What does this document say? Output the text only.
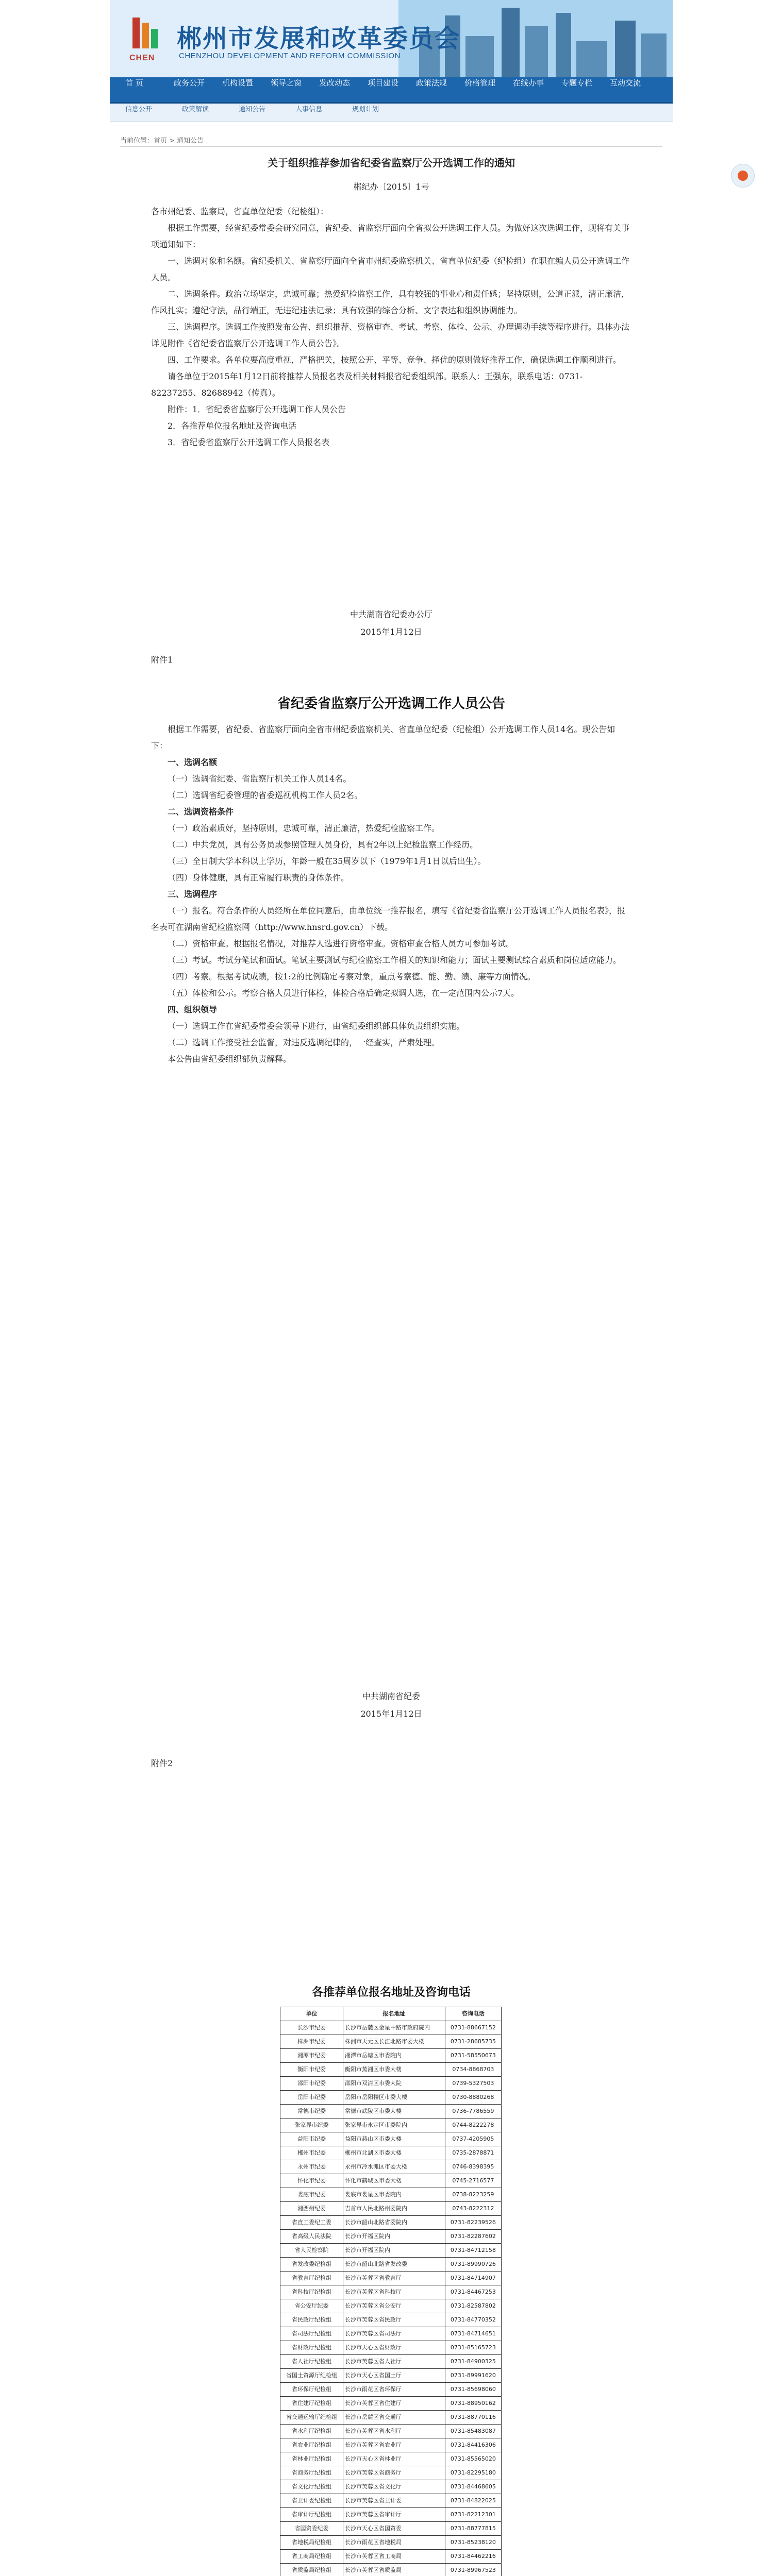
CHEN
郴州市发展和改革委员会
CHENZHOU DEVELOPMENT AND REFORM COMMISSION
首 页	政务公开 机构设置 领导之窗 发改动态 项目建设 政策法规 价格管理 在线办事 专题专栏 互动交流
信息公开	政策解读	通知公告	人事信息	规划计划
当前位置：首页 > 通知公告
关于组织推荐参加省纪委省监察厅公开选调工作的通知
郴纪办〔2015〕1号

各市州纪委、监察局，省直单位纪委（纪检组）：

根据工作需要，经省纪委常委会研究同意，省纪委、省监察厅面向全省拟公开选调工作人员。为做好这次选调工作，现将有关事项通知如下：

一、选调对象和名额。省纪委机关、省监察厅面向全省市州纪委监察机关、省直单位纪委（纪检组）在职在编人员公开选调工作人员。

二、选调条件。政治立场坚定，忠诚可靠；热爱纪检监察工作，具有较强的事业心和责任感；坚持原则，公道正派，清正廉洁，作风扎实；遵纪守法，品行端正，无违纪违法记录；具有较强的综合分析、文字表达和组织协调能力。

三、选调程序。选调工作按照发布公告、组织推荐、资格审查、考试、考察、体检、公示、办理调动手续等程序进行。具体办法详见附件《省纪委省监察厅公开选调工作人员公告》。

四、工作要求。各单位要高度重视，严格把关，按照公开、平等、竞争、择优的原则做好推荐工作，确保选调工作顺利进行。

请各单位于2015年1月12日前将推荐人员报名表及相关材料报省纪委组织部。联系人：王强东，联系电话：0731-82237255、82688942（传真）。

附件：1．省纪委省监察厅公开选调工作人员公告

2．各推荐单位报名地址及咨询电话

3．省纪委省监察厅公开选调工作人员报名表

中共湖南省纪委办公厅
2015年1月12日
附件1
省纪委省监察厅公开选调工作人员公告

根据工作需要，省纪委、省监察厅面向全省市州纪委监察机关、省直单位纪委（纪检组）公开选调工作人员14名。现公告如下：

一、选调名额

（一）选调省纪委、省监察厅机关工作人员14名。

（二）选调省纪委管理的省委巡视机构工作人员2名。

二、选调资格条件

（一）政治素质好，坚持原则，忠诚可靠，清正廉洁，热爱纪检监察工作。

（二）中共党员，具有公务员或参照管理人员身份，具有2年以上纪检监察工作经历。

（三）全日制大学本科以上学历，年龄一般在35周岁以下（1979年1月1日以后出生）。

（四）身体健康，具有正常履行职责的身体条件。

三、选调程序

（一）报名。符合条件的人员经所在单位同意后，由单位统一推荐报名，填写《省纪委省监察厅公开选调工作人员报名表》，报名表可在湖南省纪检监察网（http://www.hnsrd.gov.cn）下载。

（二）资格审查。根据报名情况，对推荐人选进行资格审查。资格审查合格人员方可参加考试。

（三）考试。考试分笔试和面试。笔试主要测试与纪检监察工作相关的知识和能力；面试主要测试综合素质和岗位适应能力。

（四）考察。根据考试成绩，按1:2的比例确定考察对象，重点考察德、能、勤、绩、廉等方面情况。

（五）体检和公示。考察合格人员进行体检，体检合格后确定拟调人选，在一定范围内公示7天。

四、组织领导

（一）选调工作在省纪委常委会领导下进行，由省纪委组织部具体负责组织实施。

（二）选调工作接受社会监督，对违反选调纪律的，一经查实，严肃处理。

本公告由省纪委组织部负责解释。

中共湖南省纪委
2015年1月12日
附件2
各推荐单位报名地址及咨询电话
单位	报名地址	咨询电话
长沙市纪委	长沙市岳麓区金星中路市政府院内	0731-88667152
株洲市纪委	株洲市天元区长江北路市委大楼	0731-28685735
湘潭市纪委	湘潭市岳塘区市委院内	0731-58550673
衡阳市纪委	衡阳市蒸湘区市委大楼	0734-8868703
邵阳市纪委	邵阳市双清区市委大院	0739-5327503
岳阳市纪委	岳阳市岳阳楼区市委大楼	0730-8880268
常德市纪委	常德市武陵区市委大楼	0736-7786559
张家界市纪委	张家界市永定区市委院内	0744-8222278
益阳市纪委	益阳市赫山区市委大楼	0737-4205905
郴州市纪委	郴州市北湖区市委大楼	0735-2878871
永州市纪委	永州市冷水滩区市委大楼	0746-8398395
怀化市纪委	怀化市鹤城区市委大楼	0745-2716577
娄底市纪委	娄底市娄星区市委院内	0738-8223259
湘西州纪委	吉首市人民北路州委院内	0743-8222312
省直工委纪工委	长沙市韶山北路省委院内	0731-82239526
省高级人民法院	长沙市开福区院内	0731-82287602
省人民检察院	长沙市开福区院内	0731-84712158
省发改委纪检组	长沙市韶山北路省发改委	0731-89990726
省教育厅纪检组	长沙市芙蓉区省教育厅	0731-84714907
省科技厅纪检组	长沙市芙蓉区省科技厅	0731-84467253
省公安厅纪委	长沙市芙蓉区省公安厅	0731-82587802
省民政厅纪检组	长沙市芙蓉区省民政厅	0731-84770352
省司法厅纪检组	长沙市芙蓉区省司法厅	0731-84714651
省财政厅纪检组	长沙市天心区省财政厅	0731-85165723
省人社厅纪检组	长沙市芙蓉区省人社厅	0731-84900325
省国土资源厅纪检组	长沙市天心区省国土厅	0731-89991620
省环保厅纪检组	长沙市雨花区省环保厅	0731-85698060
省住建厅纪检组	长沙市芙蓉区省住建厅	0731-88950162
省交通运输厅纪检组	长沙市岳麓区省交通厅	0731-88770116
省水利厅纪检组	长沙市芙蓉区省水利厅	0731-85483087
省农业厅纪检组	长沙市芙蓉区省农业厅	0731-84416306
省林业厅纪检组	长沙市天心区省林业厅	0731-85565020
省商务厅纪检组	长沙市芙蓉区省商务厅	0731-82295180
省文化厅纪检组	长沙市芙蓉区省文化厅	0731-84468605
省卫计委纪检组	长沙市芙蓉区省卫计委	0731-84822025
省审计厅纪检组	长沙市芙蓉区省审计厅	0731-82212301
省国资委纪委	长沙市天心区省国资委	0731-88777815
省地税局纪检组	长沙市雨花区省地税局	0731-85238120
省工商局纪检组	长沙市芙蓉区省工商局	0731-84462216
省质监局纪检组	长沙市芙蓉区省质监局	0731-89967523
